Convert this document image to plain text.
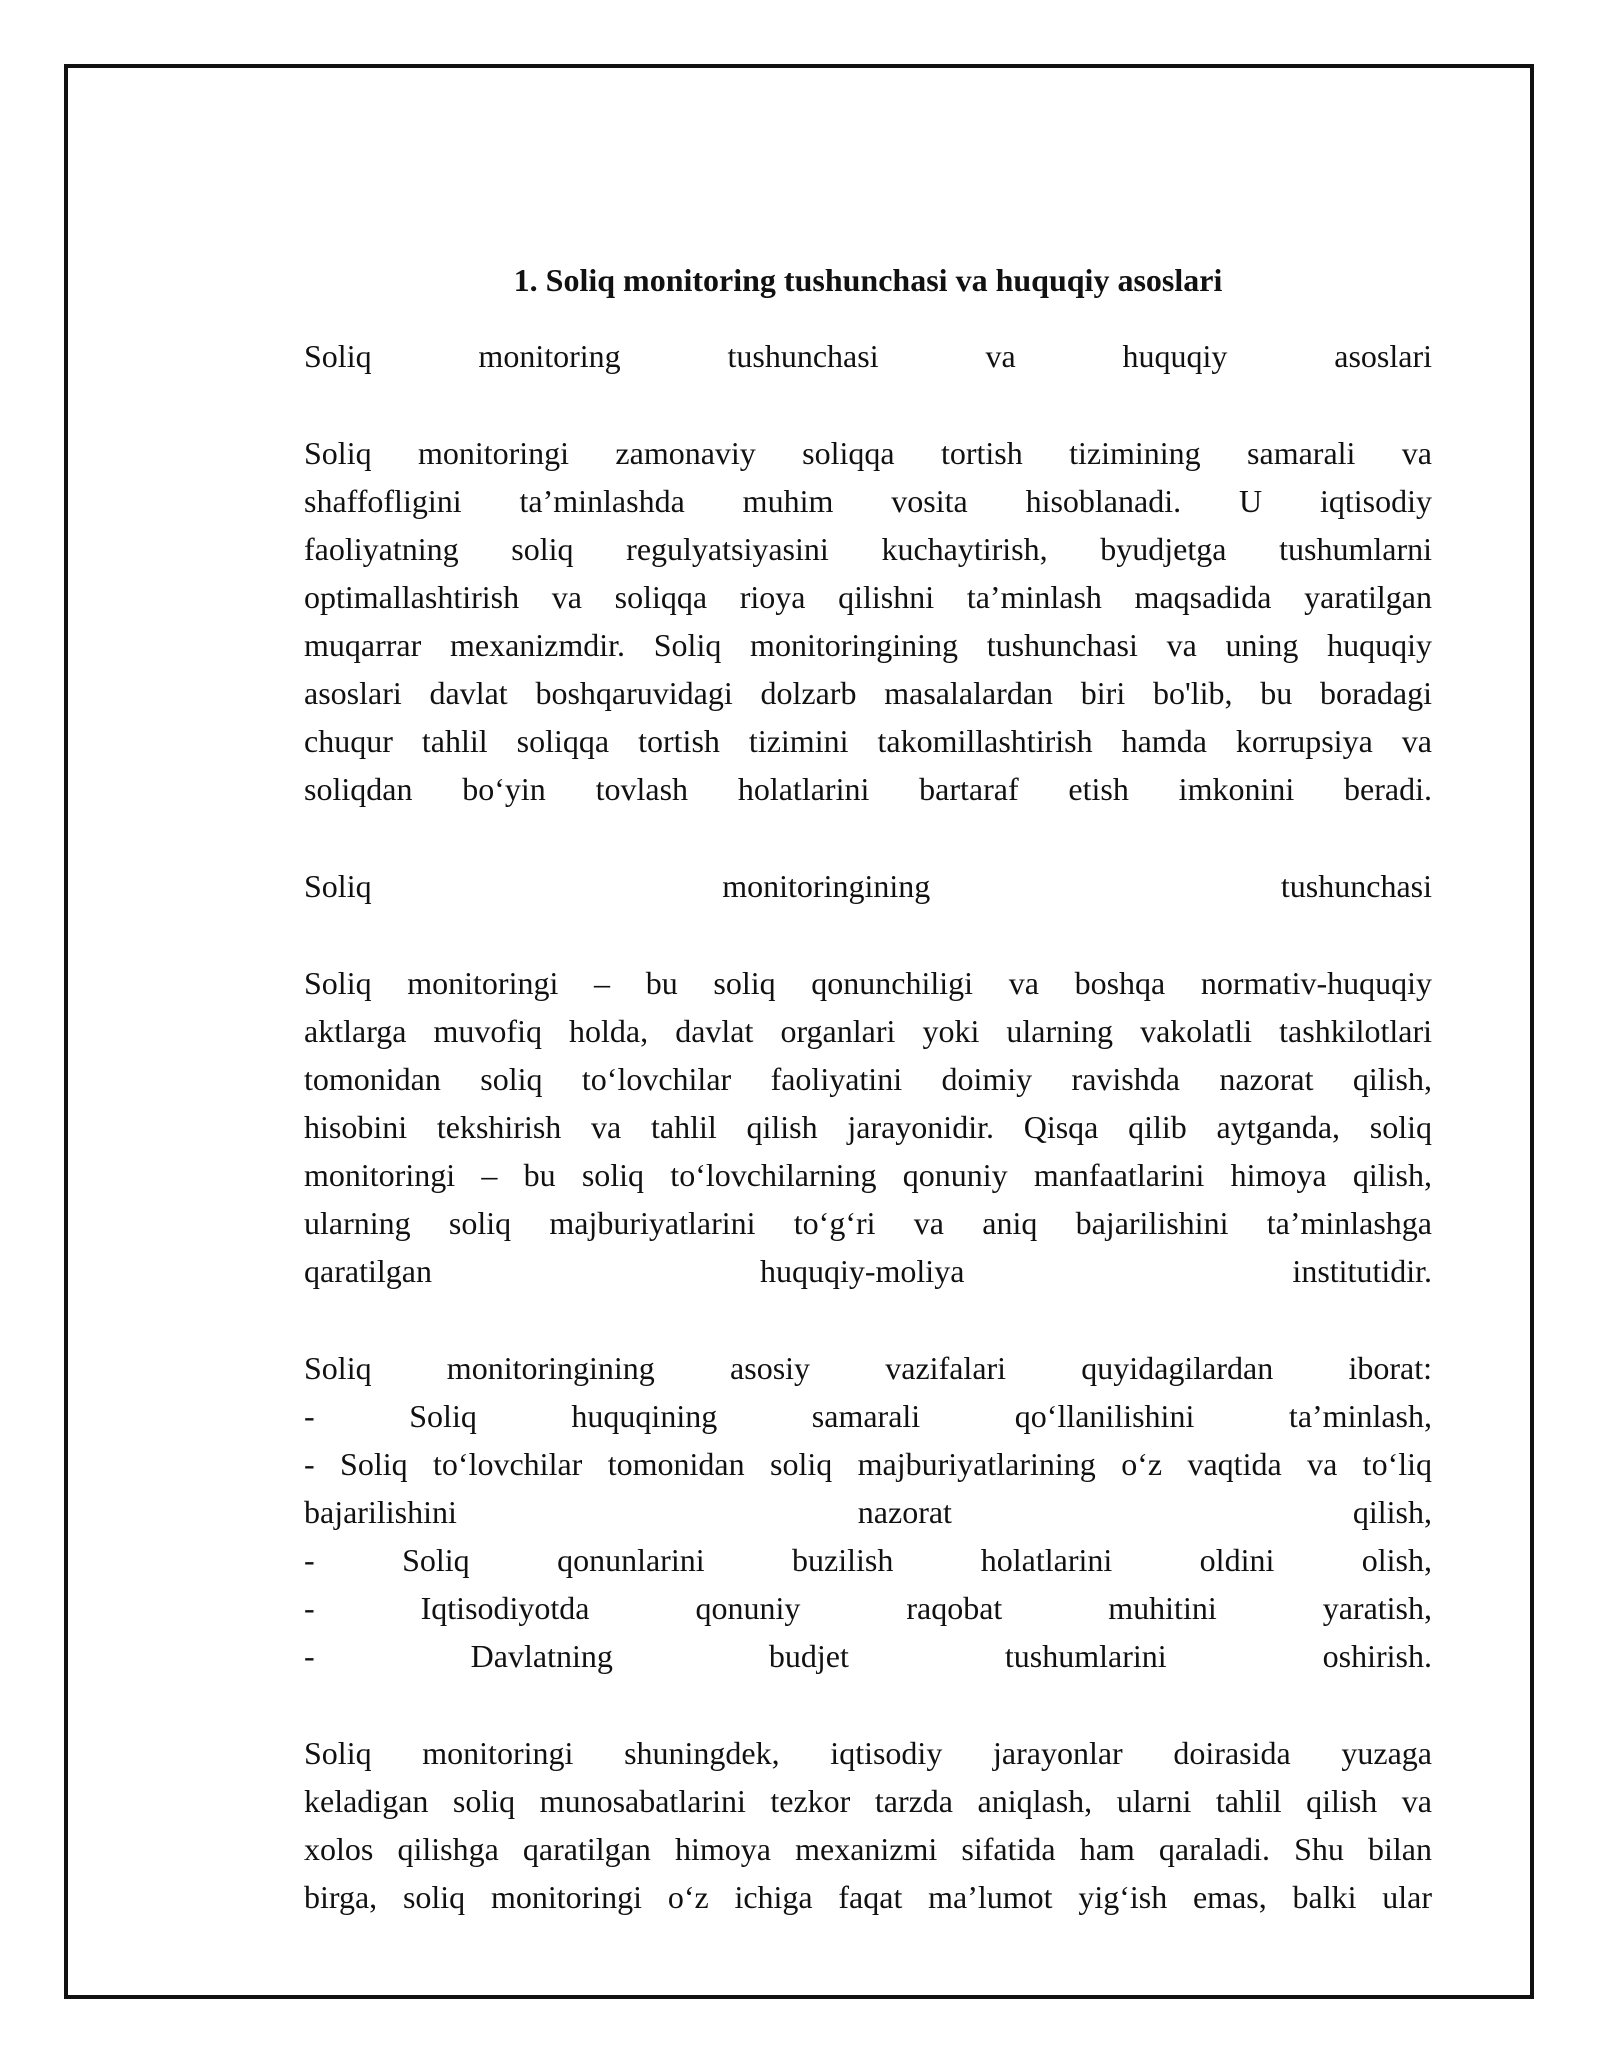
1. Soliq monitoring tushunchasi va huquqiy asoslari
Soliq monitoring tushunchasi va huquqiy asoslari
Soliq monitoringi zamonaviy soliqqa tortish tizimining samarali va
shaffofligini ta’minlashda muhim vosita hisoblanadi. U iqtisodiy
faoliyatning soliq regulyatsiyasini kuchaytirish, byudjetga tushumlarni
optimallashtirish va soliqqa rioya qilishni ta’minlash maqsadida yaratilgan
muqarrar mexanizmdir. Soliq monitoringining tushunchasi va uning huquqiy
asoslari davlat boshqaruvidagi dolzarb masalalardan biri bo'lib, bu boradagi
chuqur tahlil soliqqa tortish tizimini takomillashtirish hamda korrupsiya va
soliqdan bo‘yin tovlash holatlarini bartaraf etish imkonini beradi.
Soliq monitoringining tushunchasi
Soliq monitoringi – bu soliq qonunchiligi va boshqa normativ-huquqiy
aktlarga muvofiq holda, davlat organlari yoki ularning vakolatli tashkilotlari
tomonidan soliq to‘lovchilar faoliyatini doimiy ravishda nazorat qilish,
hisobini tekshirish va tahlil qilish jarayonidir. Qisqa qilib aytganda, soliq
monitoringi – bu soliq to‘lovchilarning qonuniy manfaatlarini himoya qilish,
ularning soliq majburiyatlarini to‘g‘ri va aniq bajarilishini ta’minlashga
qaratilgan huquqiy-moliya institutidir.
Soliq monitoringining asosiy vazifalari quyidagilardan iborat:
- Soliq huquqining samarali qo‘llanilishini ta’minlash,
- Soliq to‘lovchilar tomonidan soliq majburiyatlarining o‘z vaqtida va to‘liq
bajarilishini nazorat qilish,
- Soliq qonunlarini buzilish holatlarini oldini olish,
- Iqtisodiyotda qonuniy raqobat muhitini yaratish,
- Davlatning budjet tushumlarini oshirish.
Soliq monitoringi shuningdek, iqtisodiy jarayonlar doirasida yuzaga
keladigan soliq munosabatlarini tezkor tarzda aniqlash, ularni tahlil qilish va
xolos qilishga qaratilgan himoya mexanizmi sifatida ham qaraladi. Shu bilan
birga, soliq monitoringi o‘z ichiga faqat ma’lumot yig‘ish emas, balki ular
